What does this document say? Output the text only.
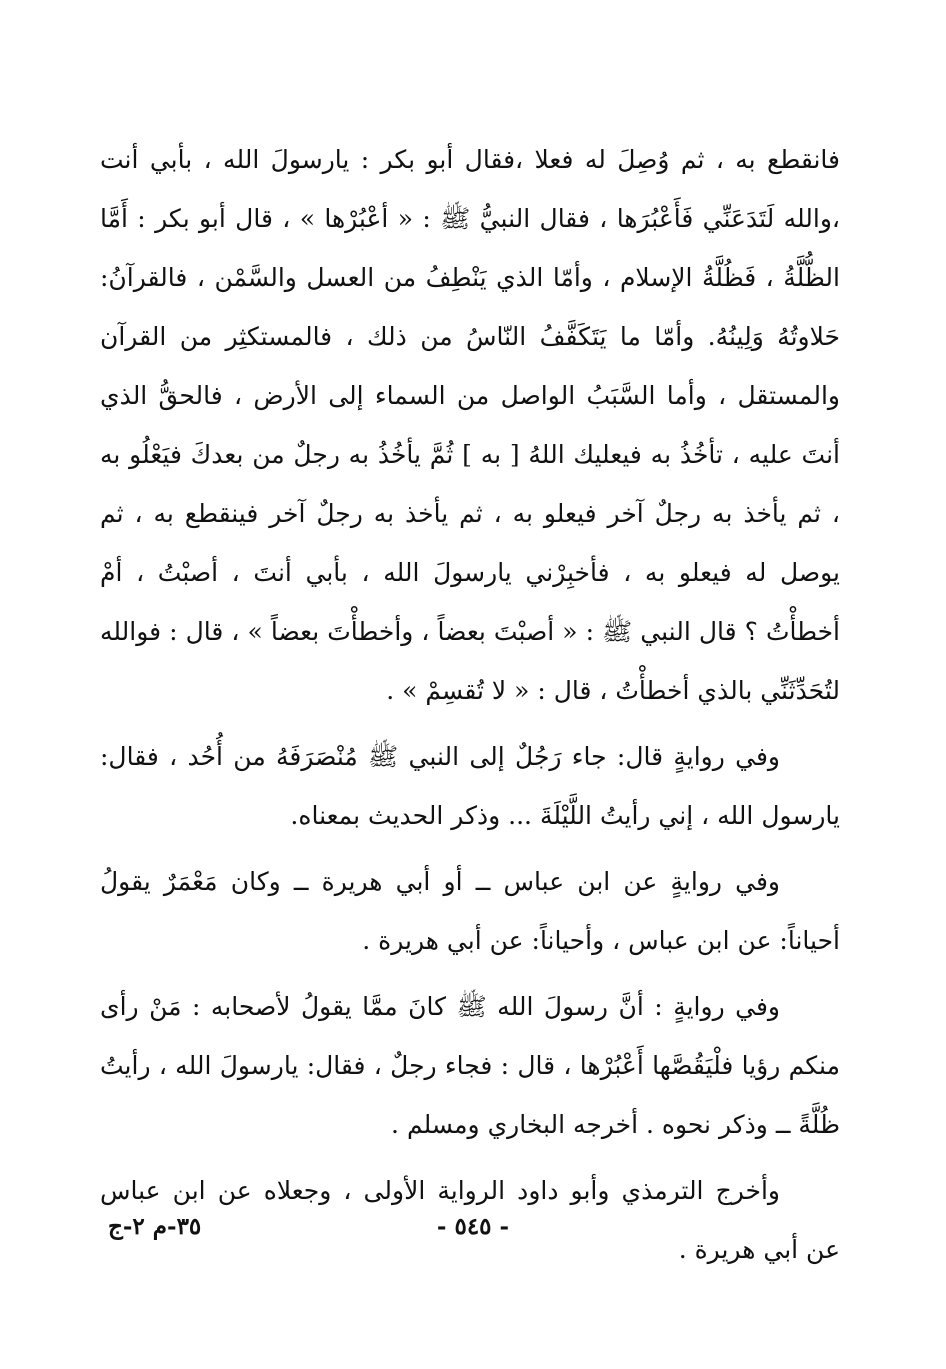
فانقطع به ، ثم وُصِلَ له فعلا ،فقال أبو بكر : يارسولَ الله ، بأبي أنت ،والله لَتَدَعَنِّي فَأَعْبُرَها ، فقال النبيُّ ﷺ : « أعْبُرْها » ، قال أبو بكر : أَمَّا الظُّلَّةُ ، فَظُلَّةُ الإسلام ، وأمّا الذي يَنْطِفُ من العسل والسَّمْن ، فالقرآنُ: حَلاوتُهُ وَلِينُهُ. وأمّا ما يَتَكَفَّفُ النّاسُ من ذلك ، فالمستكثِر من القرآن والمستقل ، وأما السَّبَبُ الواصل من السماء إلى الأرض ، فالحقُّ الذي أنتَ عليه ، تأخُذُ به فيعليك اللهُ [ به ] ثُمَّ يأخُذُ به رجلٌ من بعدكَ فيَعْلُو به ، ثم يأخذ به رجلٌ آخر فيعلو به ، ثم يأخذ به رجلٌ آخر فينقطع به ، ثم يوصل له فيعلو به ، فأخبِرْني يارسولَ الله ، بأبي أنتَ ، أصبْتُ ، أمْ أخطأْتُ ؟ قال النبي ﷺ : « أصبْتَ بعضاً ، وأخطأْتَ بعضاً » ، قال : فوالله لتُحَدِّثَنِّي بالذي أخطأْتُ ، قال : « لا تُقسِمْ » .

وفي روايةٍ قال: جاء رَجُلٌ إلى النبي ﷺ مُنْصَرَفَهُ من أُحُد ، فقال: يارسول الله ، إني رأيتُ اللَّيْلَةَ ... وذكر الحديث بمعناه.

وفي روايةٍ عن ابن عباس ــ أو أبي هريرة ــ وكان مَعْمَرٌ يقولُ أحياناً: عن ابن عباس ، وأحياناً: عن أبي هريرة .

وفي روايةٍ : أنَّ رسولَ الله ﷺ كانَ ممَّا يقولُ لأصحابه : مَنْ رأى منكم رؤيا فلْيَقُصَّها أَعْبُرْها ، قال : فجاء رجلٌ ، فقال: يارسولَ الله ، رأيتُ ظُلَّةً ــ وذكر نحوه . أخرجه البخاري ومسلم .

وأخرج الترمذي وأبو داود الرواية الأولى ، وجعلاه عن ابن عباس عن أبي هريرة .

- ٥٤٥ -
٣٥-م ٢-ج
